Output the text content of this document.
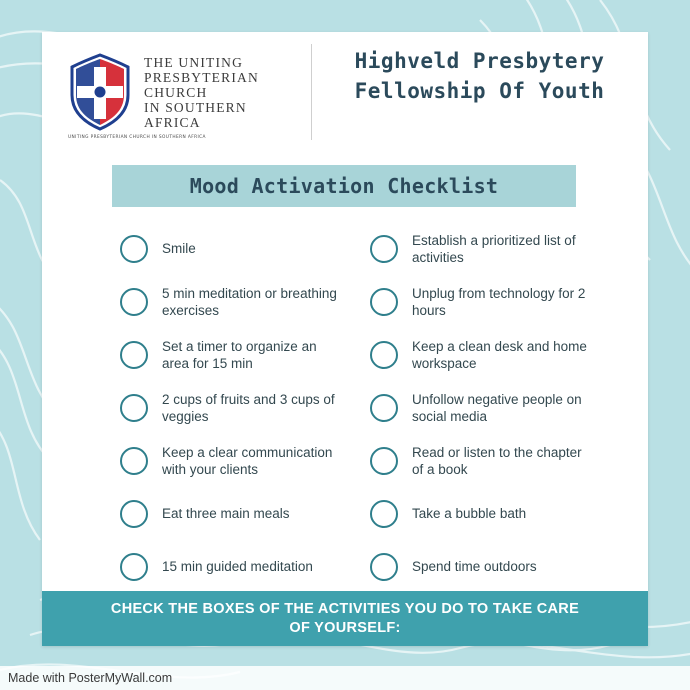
UNITING PRESBYTERIAN CHURCH IN SOUTHERN AFRICA
THE UNITING
PRESBYTERIAN
CHURCH
IN SOUTHERN
AFRICA
Highveld Presbytery
Fellowship Of Youth
Mood Activation Checklist
Smile
5 min meditation or breathing exercises
Set a timer to organize an area for 15 min
2 cups of fruits and 3 cups of veggies
Keep a clear communication with your clients
Eat three main meals
15 min guided meditation
Establish a prioritized list of activities
Unplug from technology for 2 hours
Keep a clean desk and home workspace
Unfollow negative people on social media
Read or listen to the chapter of a book
Take a bubble bath
Spend time outdoors
CHECK THE BOXES OF THE ACTIVITIES YOU DO TO TAKE CARE OF YOURSELF:
Made with PosterMyWall.com
